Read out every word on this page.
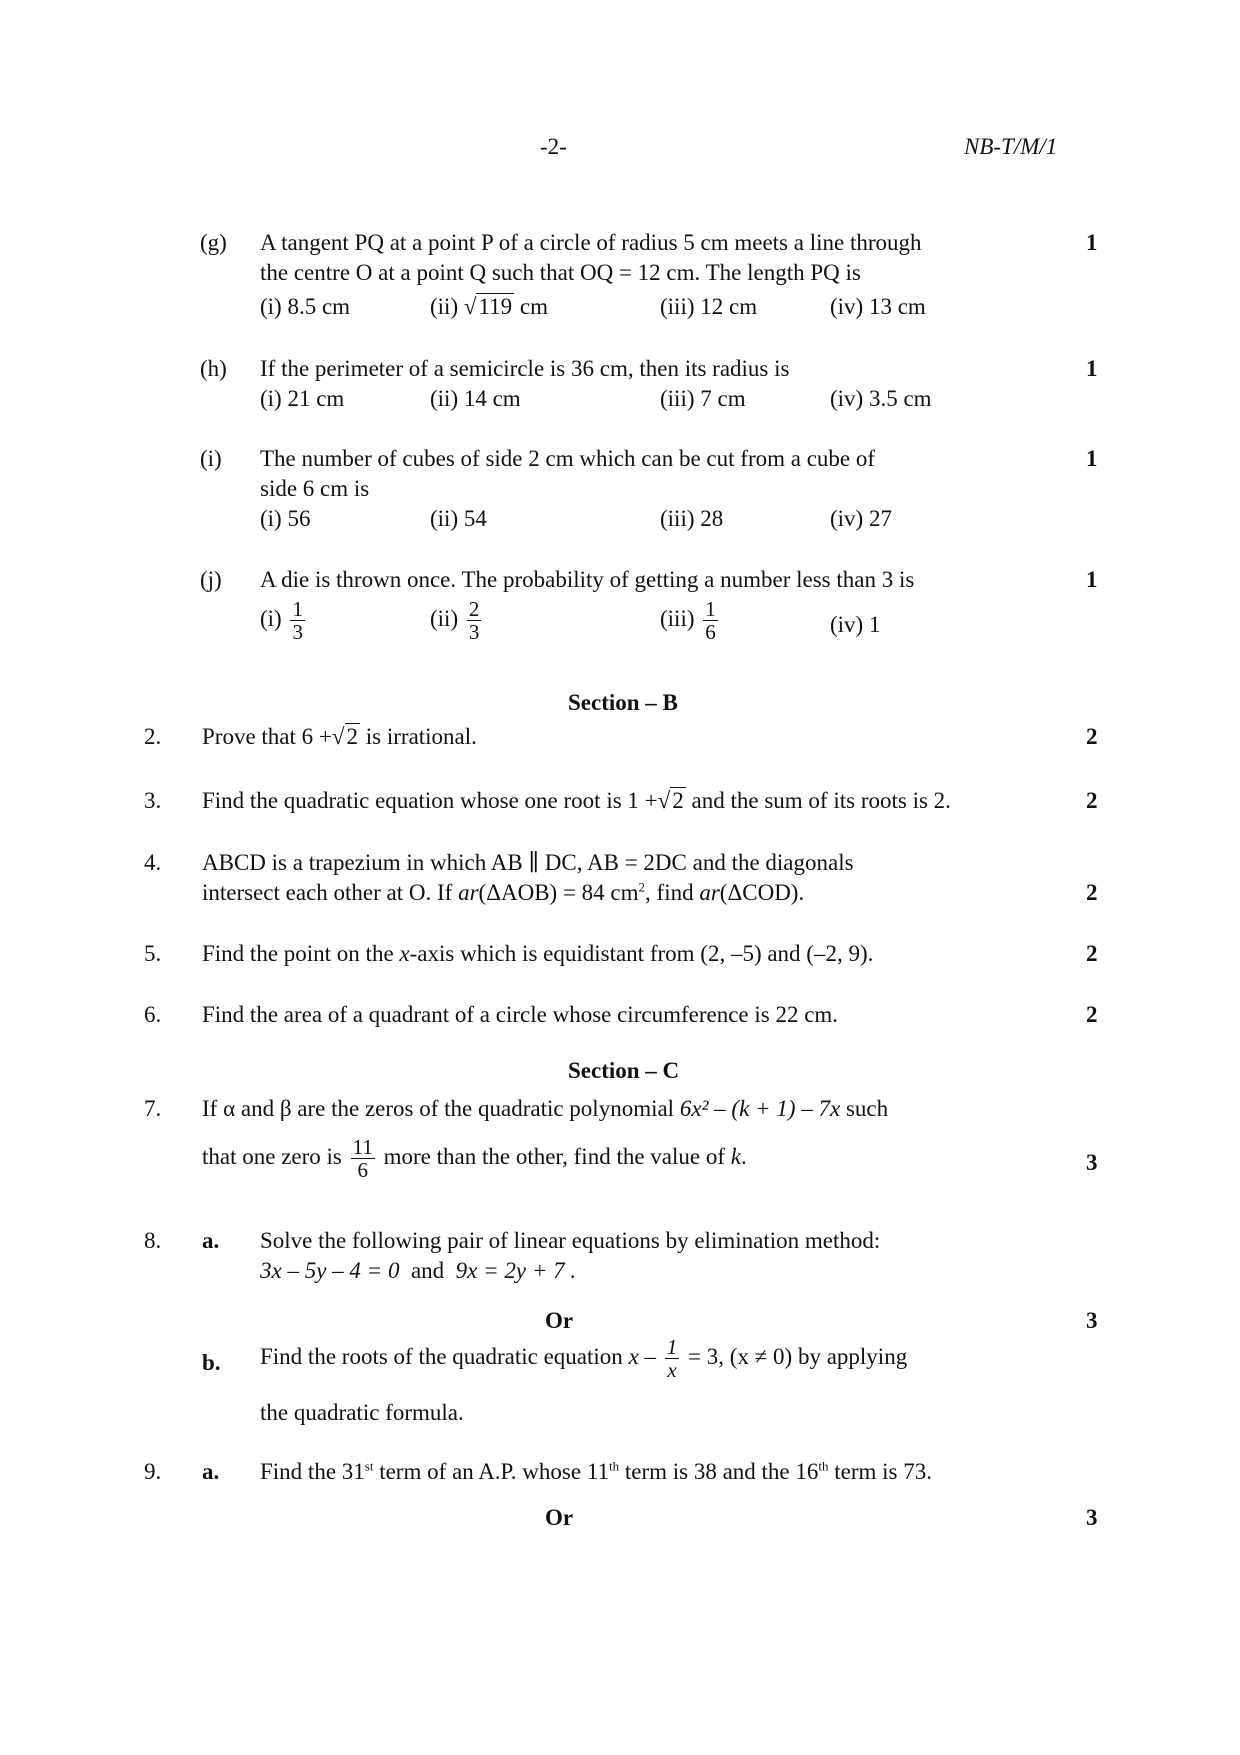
-2-	NB-T/M/1
(g) A tangent PQ at a point P of a circle of radius 5 cm meets a line through	1
the centre O at a point Q such that OQ = 12 cm. The length PQ is
(i) 8.5 cm	(ii) √119 cm	(iii) 12 cm	(iv) 13 cm
(h) If the perimeter of a semicircle is 36 cm, then its radius is	1
(i) 21 cm	(ii) 14 cm	(iii) 7 cm	(iv) 3.5 cm
(i) The number of cubes of side 2 cm which can be cut from a cube of	1
side 6 cm is
(i) 56	(ii) 54	(iii) 28	(iv) 27
(j) A die is thrown once. The probability of getting a number less than 3 is	1
$(i) \frac{1}{3}$	$(ii) \frac{2}{3}$	$(iii) \frac{1}{6}$	(iv) 1
Section – B
2. Prove that 6 +√2 is irrational.	2
3. Find the quadratic equation whose one root is 1 +√2 and the sum of its roots is 2.	2
4. ABCD is a trapezium in which AB ∥ DC, AB = 2DC and the diagonals
intersect each other at O. If ar(ΔAOB) = 84 $cm^2$, find ar(ΔCOD).	2
5. Find the point on the x-axis which is equidistant from (2, –5) and (–2, 9).	2
6. Find the area of a quadrant of a circle whose circumference is 22 cm.	2
Section – C
7. If α and β are the zeros of the quadratic polynomial 6x² – (k + 1) – 7x such
that one zero is $\frac{11}{6}$ more than the other, find the value of k.	3
8. a. Solve the following pair of linear equations by elimination method:
3x – 5y – 4 = 0 and 9x = 2y + 7 .
Or	3
b. Find the roots of the quadratic equation $x - \frac{1}{x} = 3$, (x ≠ 0) by applying
the quadratic formula.
9. a. Find the 31st term of an A.P. whose 11th term is 38 and the 16th term is 73.
Or	3
